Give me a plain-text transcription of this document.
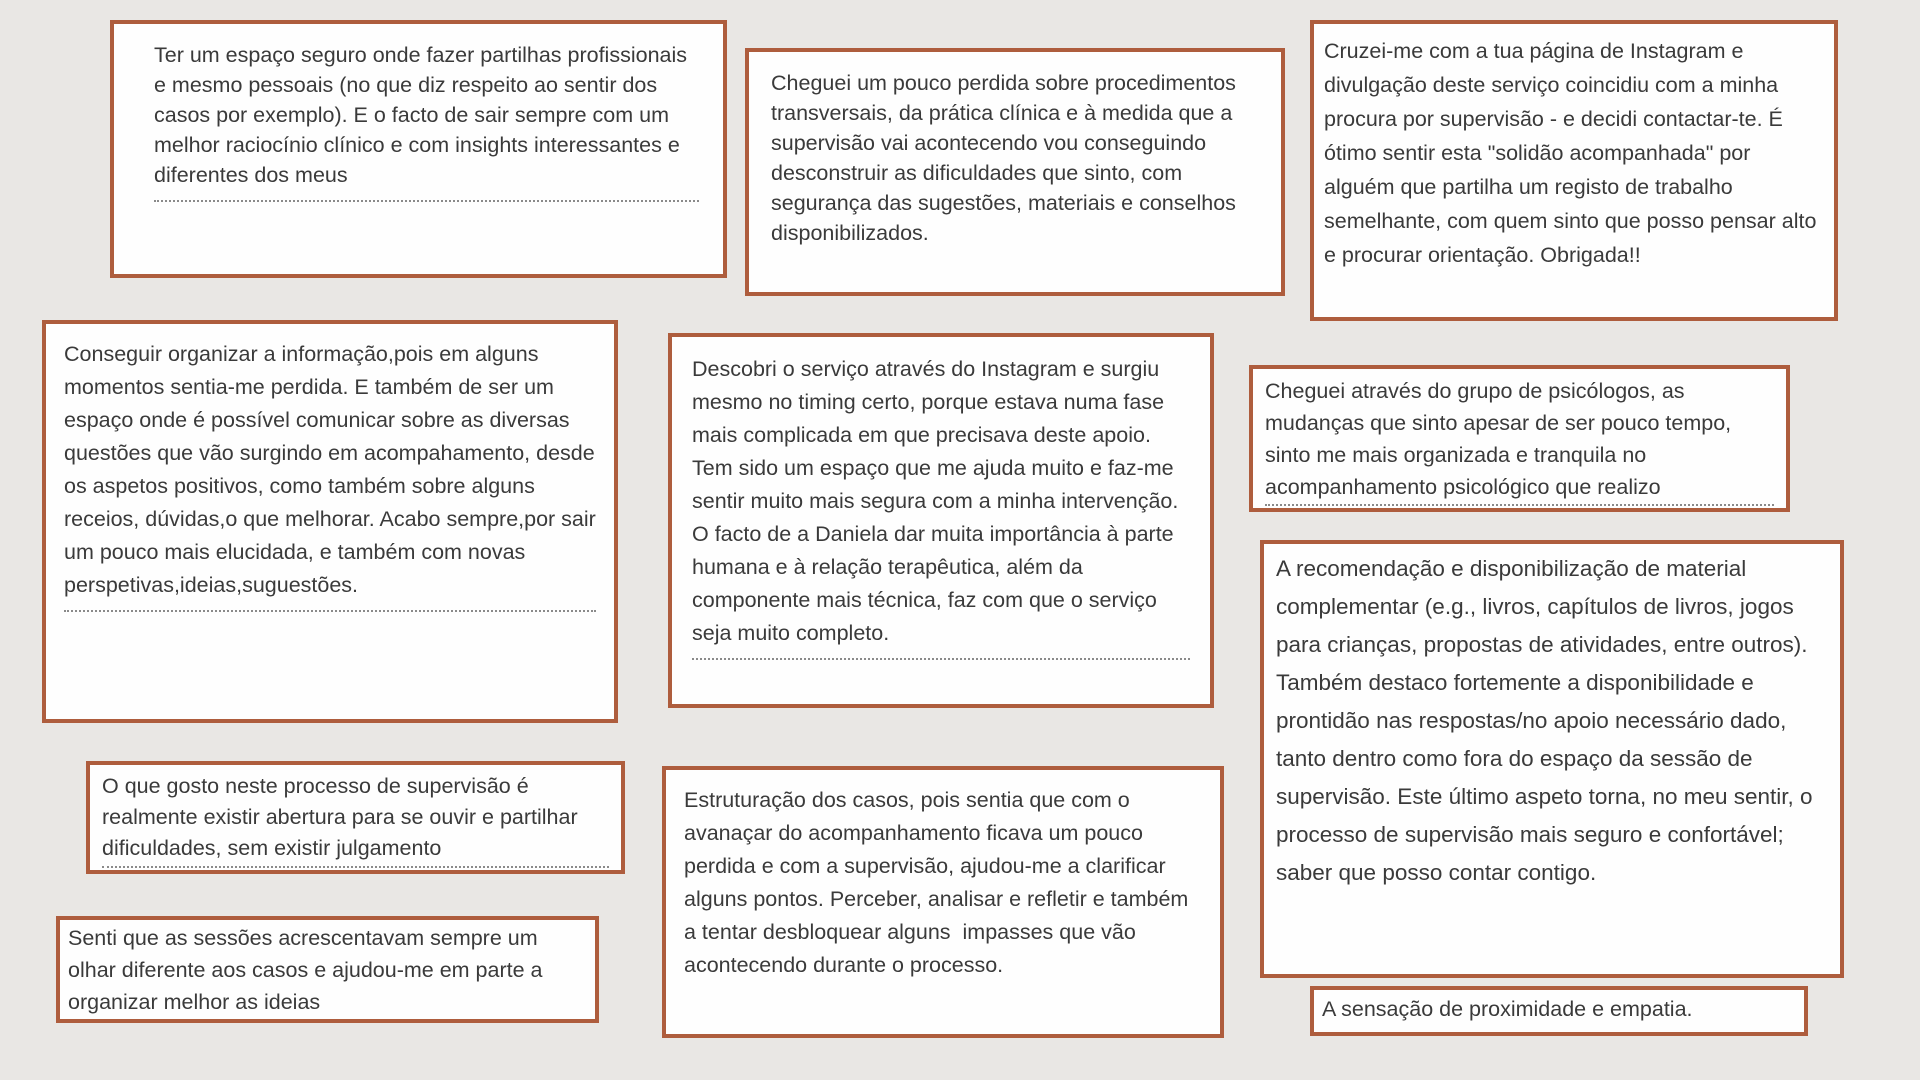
Ter um espaço seguro onde fazer partilhas profissionais e mesmo pessoais (no que diz respeito ao sentir dos casos por exemplo). E o facto de sair sempre com um melhor raciocínio clínico e com insights interessantes e diferentes dos meus

Cheguei um pouco perdida sobre procedimentos transversais, da prática clínica e à medida que a supervisão vai acontecendo vou conseguindo desconstruir as dificuldades que sinto, com segurança das sugestões, materiais e conselhos disponibilizados.

Cruzei-me com a tua página de Instagram e divulgação deste serviço coincidiu com a minha procura por supervisão - e decidi contactar-te. É ótimo sentir esta "solidão acompanhada" por alguém que partilha um registo de trabalho semelhante, com quem sinto que posso pensar alto e procurar orientação. Obrigada!!

Conseguir organizar a informação,pois em alguns momentos sentia-me perdida. E também de ser um espaço onde é possível comunicar sobre as diversas questões que vão surgindo em acompahamento, desde os aspetos positivos, como também sobre alguns receios, dúvidas,o que melhorar. Acabo sempre,por sair um pouco mais elucidada, e também com novas perspetivas,ideias,suguestões.

Descobri o serviço através do Instagram e surgiu mesmo no timing certo, porque estava numa fase mais complicada em que precisava deste apoio. Tem sido um espaço que me ajuda muito e faz-me sentir muito mais segura com a minha intervenção. O facto de a Daniela dar muita importância à parte humana e à relação terapêutica, além da componente mais técnica, faz com que o serviço seja muito completo.

Cheguei através do grupo de psicólogos, as mudanças que sinto apesar de ser pouco tempo, sinto me mais organizada e tranquila no acompanhamento psicológico que realizo

A recomendação e disponibilização de material complementar (e.g., livros, capítulos de livros, jogos para crianças, propostas de atividades, entre outros). Também destaco fortemente a disponibilidade e prontidão nas respostas/no apoio necessário dado, tanto dentro como fora do espaço da sessão de supervisão. Este último aspeto torna, no meu sentir, o processo de supervisão mais seguro e confortável; saber que posso contar contigo.

O que gosto neste processo de supervisão é realmente existir abertura para se ouvir e partilhar dificuldades, sem existir julgamento

Senti que as sessões acrescentavam sempre um olhar diferente aos casos e ajudou-me em parte a organizar melhor as ideias

Estruturação dos casos, pois sentia que com o avanaçar do acompanhamento ficava um pouco perdida e com a supervisão, ajudou-me a clarificar alguns pontos. Perceber, analisar e refletir e também a tentar desbloquear alguns  impasses que vão acontecendo durante o processo.

A sensação de proximidade e empatia.
